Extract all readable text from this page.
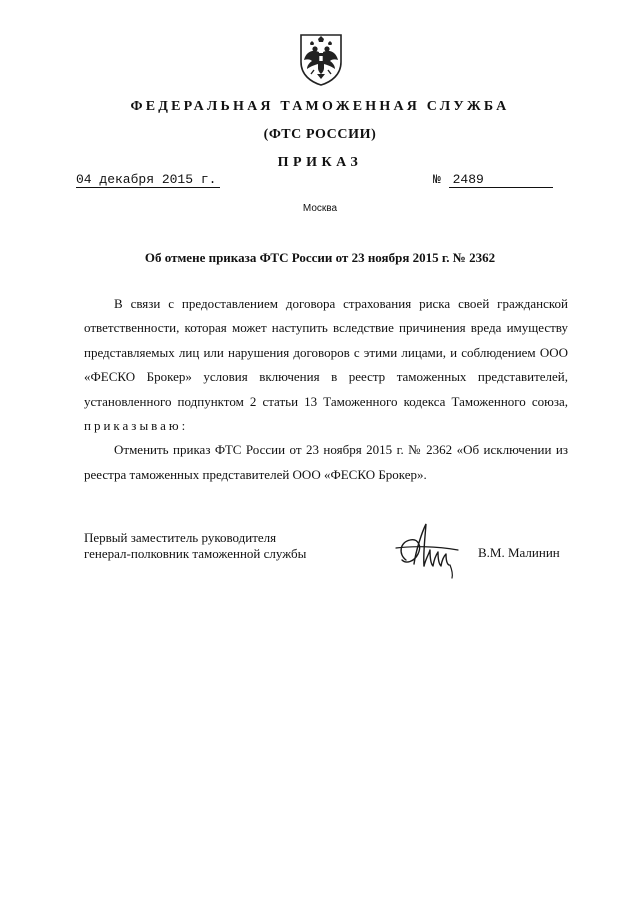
ФЕДЕРАЛЬНАЯ ТАМОЖЕННАЯ СЛУЖБА
(ФТС РОССИИ)
ПРИКАЗ
04 декабря 2015 г.	№ 2489
Москва
Об отмене приказа ФТС России от 23 ноября 2015 г. № 2362

В связи с предоставлением договора страхования риска своей гражданской ответственности, которая может наступить вследствие причинения вреда имуществу представляемых лиц или нарушения договоров с этими лицами, и соблюдением ООО «ФЕСКО Брокер» условия включения в реестр таможенных представителей, установленного подпунктом 2 статьи 13 Таможенного кодекса Таможенного союза, приказываю:

Отменить приказ ФТС России от 23 ноября 2015 г. № 2362 «Об исключении из реестра таможенных представителей ООО «ФЕСКО Брокер».

Первый заместитель руководителя
генерал-полковник таможенной службы	В.М. Малинин
